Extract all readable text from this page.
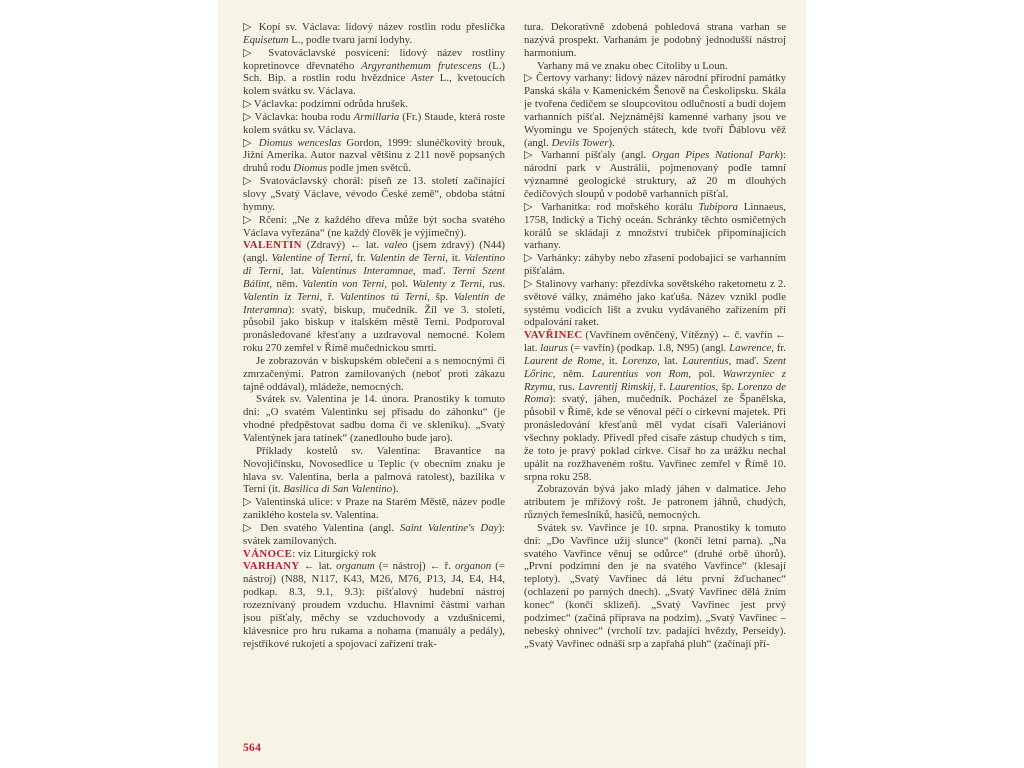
▷ Kopí sv. Václava: lidový název rostlin rodu přeslička Equisetum L., podle tvaru jarní lodyhy.

▷ Svatováclavské posvícení: lidový název rostliny kopretinovce dřevnatého Argyranthemum frutescens (L.) Sch. Bip. a rostlin rodu hvězdnice Aster L., kvetoucích kolem svátku sv. Václava.

▷ Václavka: podzimní odrůda hrušek.

▷ Václavka: houba rodu Armillaria (Fr.) Staude, která roste kolem svátku sv. Václava.

▷ Diomus wenceslas Gordon, 1999: slunéčkovitý brouk, Jižní Amerika. Autor nazval většinu z 211 nově popsaných druhů rodu Diomus podle jmen světců.

▷ Svatováclavský chorál: píseň ze 13. století začínající slovy „Svatý Václave, vévodo České země“, obdoba státní hymny.

▷ Rčení: „Ne z každého dřeva může být socha svatého Václava vyřezána“ (ne každý člověk je výjimečný).

VALENTIN (Zdravý) ← lat. valeo (jsem zdravý) (N44) (angl. Valentine of Terni, fr. Valentin de Terni, it. Valentino di Terni, lat. Valentinus Interamnae, maď. Terni Szent Bálint, něm. Valentin von Terni, pol. Walenty z Terni, rus. Valentin iz Terni, ř. Valentinos tú Terni, šp. Valentín de Interamna): svatý, biskup, mučedník. Žil ve 3. století, působil jako biskup v italském městě Terni. Podporoval pronásledované křesťany a uzdravoval nemocné. Kolem roku 270 zemřel v Římě mučednickou smrtí.

Je zobrazován v biskupském oblečení a s nemocnými či zmrzačenými. Patron zamilovaných (neboť proti zákazu tajně oddával), mládeže, nemocných.

Svátek sv. Valentina je 14. února. Pranostiky k tomuto dni: „O svatém Valentinku sej přísadu do záhonku“ (je vhodné předpěstovat sadbu doma či ve skleníku). „Svatý Valentýnek jara tatínek“ (zanedlouho bude jaro).

Příklady kostelů sv. Valentina: Bravantice na Novojičínsku, Novosedlice u Teplic (v obecním znaku je hlava sv. Valentina, berla a palmová ratolest), bazilika v Terni (it. Basilica di San Valentino).

▷ Valentinská ulice: v Praze na Starém Městě, název podle zaniklého kostela sv. Valentina.

▷ Den svatého Valentina (angl. Saint Valentine's Day): svátek zamilovaných.

VÁNOCE: viz Liturgický rok

VARHANY ← lat. organum (= nástroj) ← ř. organon (= nástroj) (N88, N117, K43, M26, M76, P13, J4, E4, H4, podkap. 8.3, 9.1, 9.3): píšťalový hudební nástroj rozeznívaný proudem vzduchu. Hlavními částmi varhan jsou píšťaly, měchy se vzduchovody a vzdušnicemi, klávesnice pro hru rukama a nohama (manuály a pedály), rejstříkové rukojeti a spojovací zařízení trak-

tura. Dekorativně zdobená pohledová strana varhan se nazývá prospekt. Varhanám je podobný jednodušší nástroj harmonium.

Varhany má ve znaku obec Cítoliby u Loun.

▷ Čertovy varhany: lidový název národní přírodní památky Panská skála v Kamenickém Šenově na Českolipsku. Skála je tvořena čedičem se sloupcovitou odlučností a budí dojem varhanních píšťal. Nejznámější kamenné varhany jsou ve Wyomingu ve Spojených státech, kde tvoří Ďáblovu věž (angl. Devils Tower).

▷ Varhanní píšťaly (angl. Organ Pipes National Park): národní park v Austrálii, pojmenovaný podle tamní významné geologické struktury, až 20 m dlouhých čedičových sloupů v podobě varhanních píšťal.

▷ Varhanitka: rod mořského korálu Tubipora Linnaeus, 1758, Indický a Tichý oceán. Schránky těchto osmičetných korálů se skládají z množství trubiček připomínajících varhany.

▷ Varhánky: záhyby nebo zřasení podobající se varhanním píšťalám.

▷ Stalinovy varhany: přezdívka sovětského raketometu z 2. světové války, známého jako kaťuša. Název vznikl podle systému vodicích lišt a zvuku vydávaného zařízením při odpalování raket.

VAVŘINEC (Vavřínem ověnčený, Vítězný) ← č. vavřín ← lat. laurus (= vavřín) (podkap. 1.8, N95) (angl. Lawrence, fr. Laurent de Rome, it. Lorenzo, lat. Laurentius, maď. Szent Lőrinc, něm. Laurentius von Rom, pol. Wawrzyniec z Rzymu, rus. Lavrentij Rimskij, ř. Laurentios, šp. Lorenzo de Roma): svatý, jáhen, mučedník. Pocházel ze Španělska, působil v Římě, kde se věnoval péči o církevní majetek. Při pronásledování křesťanů měl vydat císaři Valeriánovi všechny poklady. Přivedl před císaře zástup chudých s tím, že toto je pravý poklad církve. Císař ho za urážku nechal upálit na rozžhaveném roštu. Vavřinec zemřel v Římě 10. srpna roku 258.

Zobrazován bývá jako mladý jáhen v dalmatice. Jeho atributem je mřížový rošt. Je patronem jáhnů, chudých, různých řemeslníků, hasičů, nemocných.

Svátek sv. Vavřince je 10. srpna. Pranostiky k tomuto dni: „Do Vavřince užij slunce“ (končí letní parna). „Na svatého Vavřince věnuj se odůrce“ (druhé orbě úhorů). „První podzimní den je na svatého Vavřince“ (klesají teploty). „Svatý Vavřinec dá létu první žďuchanec“ (ochlazení po parných dnech). „Svatý Vavřinec dělá žním konec“ (končí sklizeň). „Svatý Vavřinec jest prvý podzimec“ (začíná příprava na podzim). „Svatý Vavřinec – nebeský ohnivec“ (vrcholí tzv. padající hvězdy, Perseidy). „Svatý Vavřinec odnáší srp a zapřahá pluh“ (začínají pří-

564
